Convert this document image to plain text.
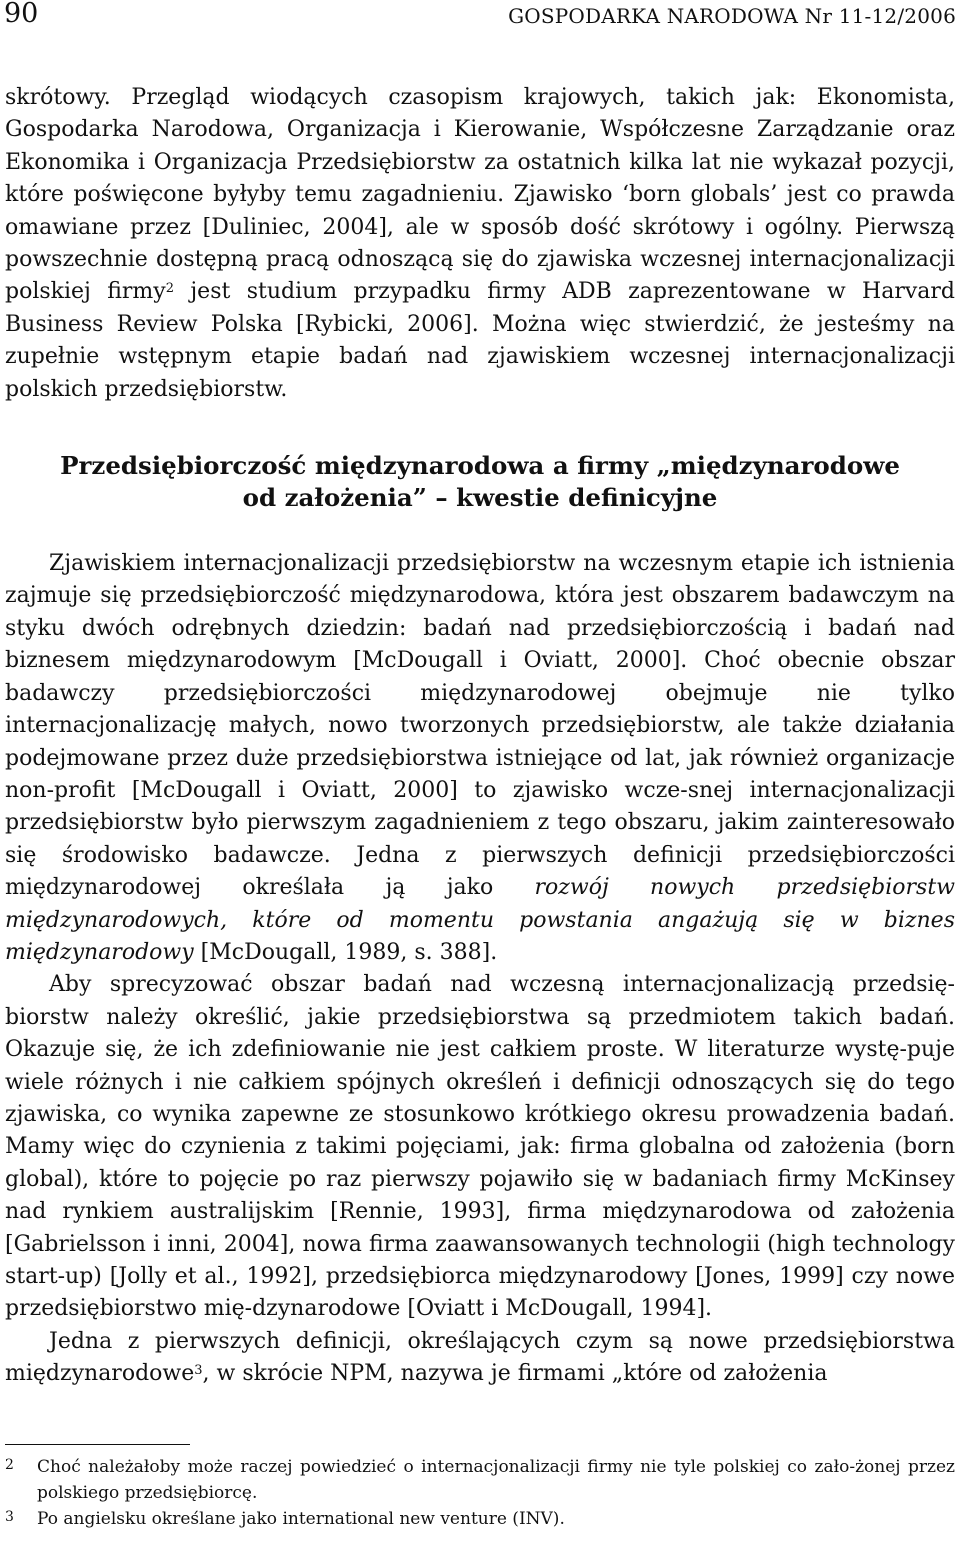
90	GOSPODARKA NARODOWA Nr 11-12/2006

skrótowy. Przegląd wiodących czasopism krajowych, takich jak: Ekonomista, Gospodarka Narodowa, Organizacja i Kierowanie, Współczesne Zarządzanie oraz Ekonomika i Organizacja Przedsiębiorstw za ostatnich kilka lat nie wykazał pozycji, które poświęcone byłyby temu zagadnieniu. Zjawisko ‘born globals’ jest co prawda omawiane przez [Duliniec, 2004], ale w sposób dość skrótowy i ogólny. Pierwszą powszechnie dostępną pracą odnoszącą się do zjawiska wczesnej internacjonalizacji polskiej firmy$^2$ jest studium przypadku firmy ADB zaprezentowane w Harvard Business Review Polska [Rybicki, 2006]. Można więc stwierdzić, że jesteśmy na zupełnie wstępnym etapie badań nad zjawiskiem wczesnej internacjonalizacji polskich przedsiębiorstw.

Przedsiębiorczość międzynarodowa a firmy „międzynarodowe
od założenia” – kwestie definicyjne

Zjawiskiem internacjonalizacji przedsiębiorstw na wczesnym etapie ich istnienia zajmuje się przedsiębiorczość międzynarodowa, która jest obszarem badawczym na styku dwóch odrębnych dziedzin: badań nad przedsiębiorczością i badań nad biznesem międzynarodowym [McDougall i Oviatt, 2000]. Choć obecnie obszar badawczy przedsiębiorczości międzynarodowej obejmuje nie tylko internacjonalizację małych, nowo tworzonych przedsiębiorstw, ale także działania podejmowane przez duże przedsiębiorstwa istniejące od lat, jak również organizacje non-profit [McDougall i Oviatt, 2000] to zjawisko wcze-snej internacjonalizacji przedsiębiorstw było pierwszym zagadnieniem z tego obszaru, jakim zainteresowało się środowisko badawcze. Jedna z pierwszych definicji przedsiębiorczości międzynarodowej określała ją jako rozwój nowych przedsiębiorstw międzynarodowych, które od momentu powstania angażują się w biznes międzynarodowy [McDougall, 1989, s. 388].

Aby sprecyzować obszar badań nad wczesną internacjonalizacją przedsię-biorstw należy określić, jakie przedsiębiorstwa są przedmiotem takich badań. Okazuje się, że ich zdefiniowanie nie jest całkiem proste. W literaturze wystę-puje wiele różnych i nie całkiem spójnych określeń i definicji odnoszących się do tego zjawiska, co wynika zapewne ze stosunkowo krótkiego okresu prowadzenia badań. Mamy więc do czynienia z takimi pojęciami, jak: firma globalna od założenia (born global), które to pojęcie po raz pierwszy pojawiło się w badaniach firmy McKinsey nad rynkiem australijskim [Rennie, 1993], firma międzynarodowa od założenia [Gabrielsson i inni, 2004], nowa firma zaawansowanych technologii (high technology start-up) [Jolly et al., 1992], przedsiębiorca międzynarodowy [Jones, 1999] czy nowe przedsiębiorstwo mię-dzynarodowe [Oviatt i McDougall, 1994].

Jedna z pierwszych definicji, określających czym są nowe przedsiębiorstwa międzynarodowe$^3$, w skrócie NPM, nazywa je firmami „które od założenia

2	Choć należałoby może raczej powiedzieć o internacjonalizacji firmy nie tyle polskiej co zało-żonej przez polskiego przedsiębiorcę.
3	Po angielsku określane jako international new venture (INV).
